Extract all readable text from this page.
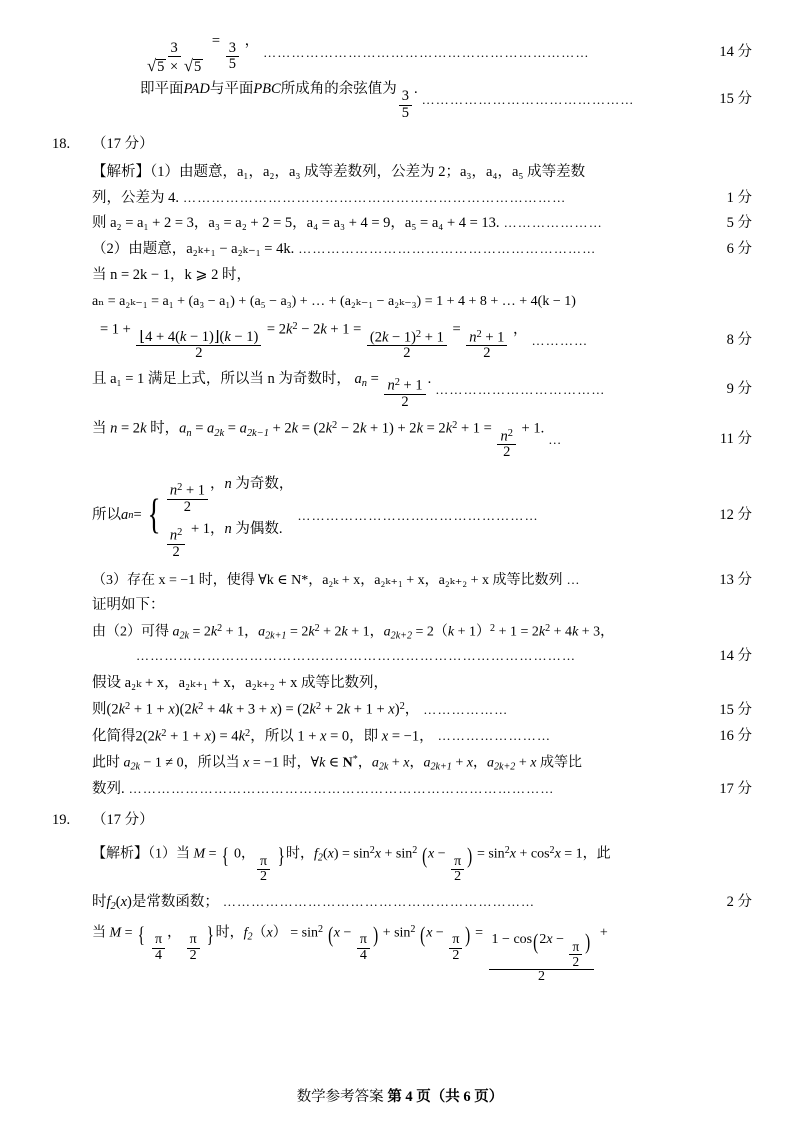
$\frac{3}{√5 \times √5}$
=
$\frac{3}{5}$
，
……………………………………………………………	14 分
即平面PAD与平面PBC所成角的余弦值为
$\frac{3}{5}$
.
………………………………………	15 分
18.	（17 分）
【解析】（1）由题意，a₁，a₂，a₃ 成等差数列，公差为 2；a₃，a₄，a₅ 成等差数
列，公差为 4. ………………………………………………………………………	1 分
则 a₂ = a₁ + 2 = 3，a₃ = a₂ + 2 = 5，a₄ = a₃ + 4 = 9，a₅ = a₄ + 4 = 13. …………………	5 分
（2）由题意，a₂ₖ₊₁ − a₂ₖ₋₁ = 4k. ………………………………………………………	6 分
当 n = 2k − 1，k ⩾ 2 时，
aₙ = a₂ₖ₋₁ = a₁ + (a₃ − a₁) + (a₅ − a₃) + … + (a₂ₖ₋₁ − a₂ₖ₋₃) = 1 + 4 + 8 + … + 4(k − 1)
= 1 +
$\frac{⌊4 + 4(k - 1)⌋(k - 1)}{2}$
= $2k^2 - 2k + 1 = \frac{(2k - 1)^2 + 1}{2} = \frac{n^2 + 1}{2}$ ，
…………	8 分
且 a₁ = 1 满足上式，所以当 n 为奇数时， $a_n = \frac{n^2 + 1}{2}$ .
………………………………	9 分
当 n = 2k 时，$a_n = a_{2k} = a_{2k-1} + 2k = (2k^2 - 2k + 1) + 2k = 2k^2 + 1 = \frac{n^2}{2} + 1$.
…	11 分
所以 a n = { $\frac{n^2 + 1}{2}$ ，n 为奇数，
$\frac{n^2}{2} + 1$，n 为偶数.
……………………………………………	12 分
（3）存在 x = −1 时，使得 ∀k ∈ N*，a₂ₖ + x，a₂ₖ₊₁ + x，a₂ₖ₊₂ + x 成等比数列 …	13 分
证明如下：
由（2）可得 $a_{2k} = 2k^2 + 1$，$a_{2k+1} = 2k^2 + 2k + 1$，$a_{2k+2} = 2(k + 1)^2 + 1 = 2k^2 + 4k + 3$，
…………………………………………………………………………………	14 分
假设 a₂ₖ + x，a₂ₖ₊₁ + x，a₂ₖ₊₂ + x 成等比数列，
则$(2k^2 + 1 + x)(2k^2 + 4k + 3 + x) = (2k^2 + 2k + 1 + x)^2$， ………………	15 分
化简得$2(2k^2 + 1 + x) = 4k^2$，所以 1 + x = 0，即 x = −1， ……………………	16 分
此时 $a_{2k} - 1 \ne 0$，所以当 x = −1 时，∀k ∈ N*，$a_{2k} + x$，$a_{2k+1} + x$，$a_{2k+2} + x$ 成等比
数列. ………………………………………………………………………………	17 分
19.	（17 分）
【解析】（1）当 M = { 0，
$\frac{\pi}{2}$ } 时，$f_2(x) = \sin^2x + \sin^2 (x$ −
$\frac{\pi}{2}$ ) = $\sin^2x + \cos^2x = 1$，此
时$f_2(x)$是常数函数； …………………………………………………………	2 分
当 M = { $\frac{\pi}{4}$
，
$\frac{\pi}{2}$ } 时，$f_2(x) = \sin^2 (x$ −
$\frac{\pi}{4}$ ) + $\sin^2 (x$ −
$\frac{\pi}{2}$ ) =
$\frac{1 - \cos(2x - \frac{\pi}{2} )}{2}$
+
数学参考答案 第 4 页（共 6 页）
